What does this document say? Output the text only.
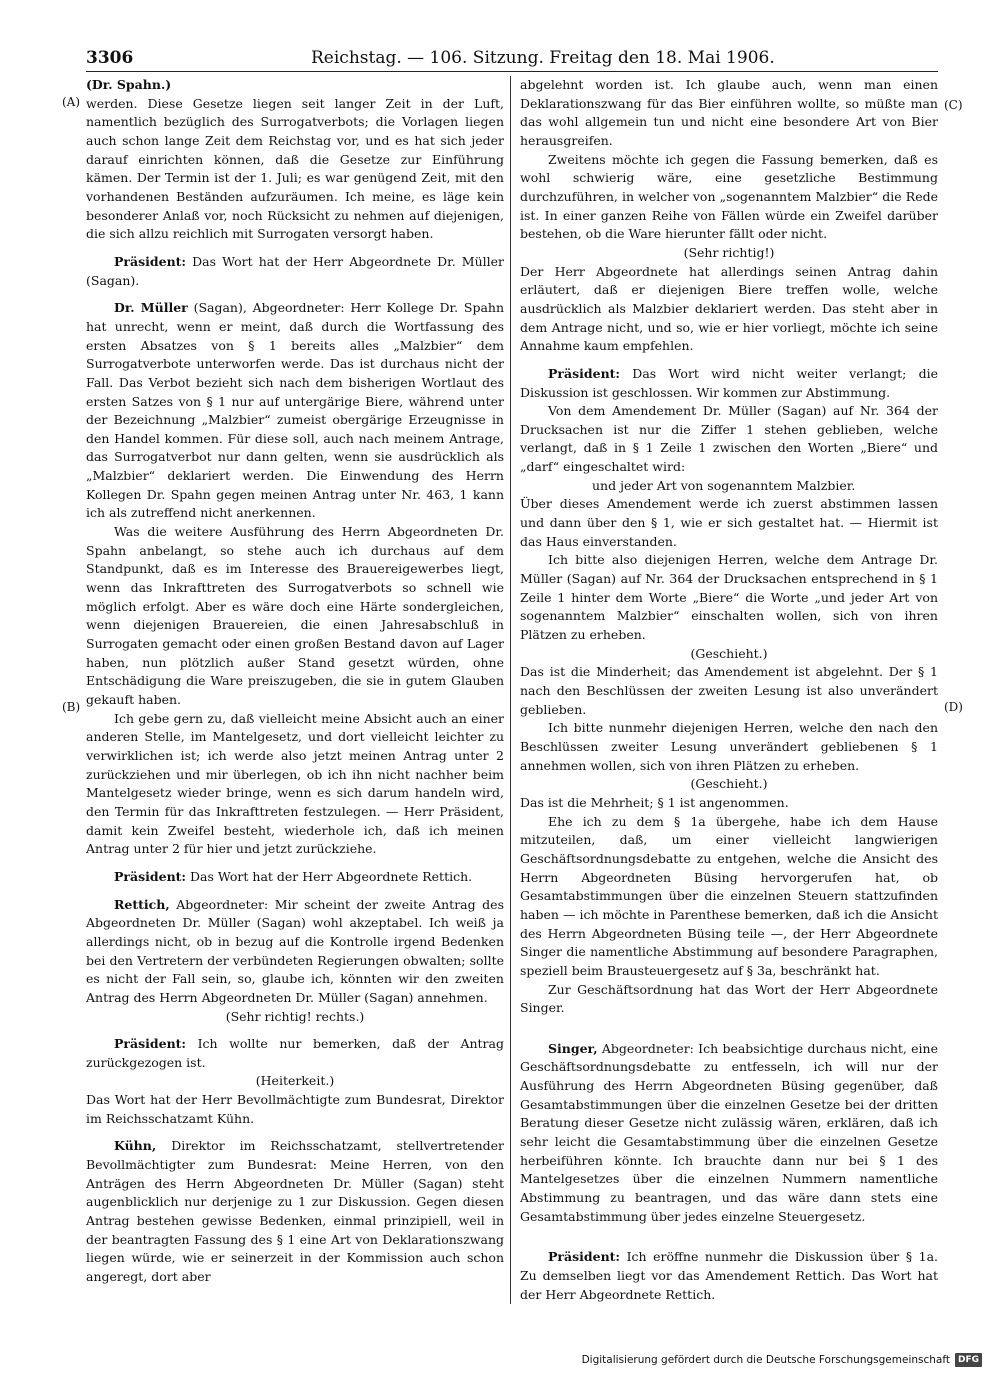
3306	Reichstag. — 106. Sitzung. Freitag den 18. Mai 1906.
(A)
(B)
(C)
(D)

(Dr. Spahn.)

werden. Diese Gesetze liegen seit langer Zeit in der Luft, namentlich bezüglich des Surrogatverbots; die Vorlagen liegen auch schon lange Zeit dem Reichstag vor, und es hat sich jeder darauf einrichten können, daß die Gesetze zur Einführung kämen. Der Termin ist der 1. Juli; es war genügend Zeit, mit den vorhandenen Beständen aufzuräumen. Ich meine, es läge kein besonderer Anlaß vor, noch Rücksicht zu nehmen auf diejenigen, die sich allzu reichlich mit Surrogaten versorgt haben.

Präsident: Das Wort hat der Herr Abgeordnete Dr. Müller (Sagan).

Dr. Müller (Sagan), Abgeordneter: Herr Kollege Dr. Spahn hat unrecht, wenn er meint, daß durch die Wortfassung des ersten Absatzes von § 1 bereits alles „Malzbier“ dem Surrogatverbote unterworfen werde. Das ist durchaus nicht der Fall. Das Verbot bezieht sich nach dem bisherigen Wortlaut des ersten Satzes von § 1 nur auf untergärige Biere, während unter der Bezeichnung „Malzbier“ zumeist obergärige Erzeugnisse in den Handel kommen. Für diese soll, auch nach meinem Antrage, das Surrogatverbot nur dann gelten, wenn sie ausdrücklich als „Malzbier“ deklariert werden. Die Einwendung des Herrn Kollegen Dr. Spahn gegen meinen Antrag unter Nr. 463, 1 kann ich als zutreffend nicht anerkennen.

Was die weitere Ausführung des Herrn Abgeordneten Dr. Spahn anbelangt, so stehe auch ich durchaus auf dem Standpunkt, daß es im Interesse des Brauereigewerbes liegt, wenn das Inkrafttreten des Surrogatverbots so schnell wie möglich erfolgt. Aber es wäre doch eine Härte sondergleichen, wenn diejenigen Brauereien, die einen Jahresabschluß in Surrogaten gemacht oder einen großen Bestand davon auf Lager haben, nun plötzlich außer Stand gesetzt würden, ohne Entschädigung die Ware preiszugeben, die sie in gutem Glauben gekauft haben.

Ich gebe gern zu, daß vielleicht meine Absicht auch an einer anderen Stelle, im Mantelgesetz, und dort vielleicht leichter zu verwirklichen ist; ich werde also jetzt meinen Antrag unter 2 zurückziehen und mir überlegen, ob ich ihn nicht nachher beim Mantelgesetz wieder bringe, wenn es sich darum handeln wird, den Termin für das Inkrafttreten festzulegen. — Herr Präsident, damit kein Zweifel besteht, wiederhole ich, daß ich meinen Antrag unter 2 für hier und jetzt zurückziehe.

Präsident: Das Wort hat der Herr Abgeordnete Rettich.

Rettich, Abgeordneter: Mir scheint der zweite Antrag des Abgeordneten Dr. Müller (Sagan) wohl akzeptabel. Ich weiß ja allerdings nicht, ob in bezug auf die Kontrolle irgend Bedenken bei den Vertretern der verbündeten Regierungen obwalten; sollte es nicht der Fall sein, so, glaube ich, könnten wir den zweiten Antrag des Herrn Abgeordneten Dr. Müller (Sagan) annehmen.

(Sehr richtig! rechts.)

Präsident: Ich wollte nur bemerken, daß der Antrag zurückgezogen ist.

(Heiterkeit.)

Das Wort hat der Herr Bevollmächtigte zum Bundesrat, Direktor im Reichsschatzamt Kühn.

Kühn, Direktor im Reichsschatzamt, stellvertretender Bevollmächtigter zum Bundesrat: Meine Herren, von den Anträgen des Herrn Abgeordneten Dr. Müller (Sagan) steht augenblicklich nur derjenige zu 1 zur Diskussion. Gegen diesen Antrag bestehen gewisse Bedenken, einmal prinzipiell, weil in der beantragten Fassung des § 1 eine Art von Deklarationszwang liegen würde, wie er seinerzeit in der Kommission auch schon angeregt, dort aber

abgelehnt worden ist. Ich glaube auch, wenn man einen Deklarationszwang für das Bier einführen wollte, so müßte man das wohl allgemein tun und nicht eine besondere Art von Bier herausgreifen.

Zweitens möchte ich gegen die Fassung bemerken, daß es wohl schwierig wäre, eine gesetzliche Bestimmung durchzuführen, in welcher von „sogenanntem Malzbier“ die Rede ist. In einer ganzen Reihe von Fällen würde ein Zweifel darüber bestehen, ob die Ware hierunter fällt oder nicht.

(Sehr richtig!)

Der Herr Abgeordnete hat allerdings seinen Antrag dahin erläutert, daß er diejenigen Biere treffen wolle, welche ausdrücklich als Malzbier deklariert werden. Das steht aber in dem Antrage nicht, und so, wie er hier vorliegt, möchte ich seine Annahme kaum empfehlen.

Präsident: Das Wort wird nicht weiter verlangt; die Diskussion ist geschlossen. Wir kommen zur Abstimmung.

Von dem Amendement Dr. Müller (Sagan) auf Nr. 364 der Drucksachen ist nur die Ziffer 1 stehen geblieben, welche verlangt, daß in § 1 Zeile 1 zwischen den Worten „Biere“ und „darf“ eingeschaltet wird:

und jeder Art von sogenanntem Malzbier.

Über dieses Amendement werde ich zuerst abstimmen lassen und dann über den § 1, wie er sich gestaltet hat. — Hiermit ist das Haus einverstanden.

Ich bitte also diejenigen Herren, welche dem Antrage Dr. Müller (Sagan) auf Nr. 364 der Drucksachen entsprechend in § 1 Zeile 1 hinter dem Worte „Biere“ die Worte „und jeder Art von sogenanntem Malzbier“ einschalten wollen, sich von ihren Plätzen zu erheben.

(Geschieht.)

Das ist die Minderheit; das Amendement ist abgelehnt. Der § 1 nach den Beschlüssen der zweiten Lesung ist also unverändert geblieben.

Ich bitte nunmehr diejenigen Herren, welche den nach den Beschlüssen zweiter Lesung unverändert gebliebenen § 1 annehmen wollen, sich von ihren Plätzen zu erheben.

(Geschieht.)

Das ist die Mehrheit; § 1 ist angenommen.

Ehe ich zu dem § 1a übergehe, habe ich dem Hause mitzuteilen, daß, um einer vielleicht langwierigen Geschäftsordnungsdebatte zu entgehen, welche die Ansicht des Herrn Abgeordneten Büsing hervorgerufen hat, ob Gesamtabstimmungen über die einzelnen Steuern stattzufinden haben — ich möchte in Parenthese bemerken, daß ich die Ansicht des Herrn Abgeordneten Büsing teile —, der Herr Abgeordnete Singer die namentliche Abstimmung auf besondere Paragraphen, speziell beim Brausteuergesetz auf § 3a, beschränkt hat.

Zur Geschäftsordnung hat das Wort der Herr Abgeordnete Singer.

Singer, Abgeordneter: Ich beabsichtige durchaus nicht, eine Geschäftsordnungsdebatte zu entfesseln, ich will nur der Ausführung des Herrn Abgeordneten Büsing gegenüber, daß Gesamtabstimmungen über die einzelnen Gesetze bei der dritten Beratung dieser Gesetze nicht zulässig wären, erklären, daß ich sehr leicht die Gesamtabstimmung über die einzelnen Gesetze herbeiführen könnte. Ich brauchte dann nur bei § 1 des Mantelgesetzes über die einzelnen Nummern namentliche Abstimmung zu beantragen, und das wäre dann stets eine Gesamtabstimmung über jedes einzelne Steuergesetz.

Präsident: Ich eröffne nunmehr die Diskussion über § 1a. Zu demselben liegt vor das Amendement Rettich. Das Wort hat der Herr Abgeordnete Rettich.

Digitalisierung gefördert durch die Deutsche Forschungsgemeinschaft DFG
